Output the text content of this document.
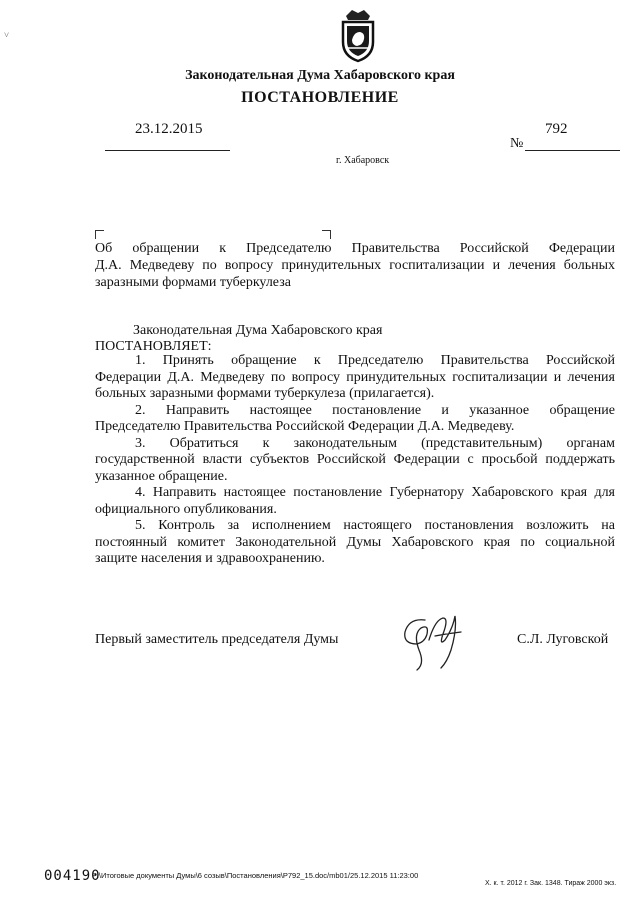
˅
Законодательная Дума Хабаровского края
ПОСТАНОВЛЕНИЕ
23.12.2015
№
792
г. Хабаровск
Об обращении к Председателю Правительства Российской Федерации
Д.А. Медведеву по вопросу принудительных госпитализации и лечения больных
заразными формами туберкулеза
Законодательная Дума Хабаровского края
ПОСТАНОВЛЯЕТ:
1. Принять обращение к Председателю Правительства Российской
Федерации Д.А. Медведеву по вопросу принудительных госпитализации и лечения
больных заразными формами туберкулеза (прилагается).
2. Направить настоящее постановление и указанное обращение
Председателю Правительства Российской Федерации Д.А. Медведеву.
3. Обратиться к законодательным (представительным) органам
государственной власти субъектов Российской Федерации с просьбой поддержать
указанное обращение.
4. Направить настоящее постановление Губернатору Хабаровского края для
официального опубликования.
5. Контроль за исполнением настоящего постановления возложить на
постоянный комитет Законодательной Думы Хабаровского края по социальной
защите населения и здравоохранению.
Первый заместитель председателя Думы	С.Л. Луговской
004190
Р:\Итоговые документы Думы\6 созыв\Постановления\Р792_15.doc/mb01/25.12.2015 11:23:00
Х. к. т. 2012 г. Зак. 1348. Тираж 2000 экз.
